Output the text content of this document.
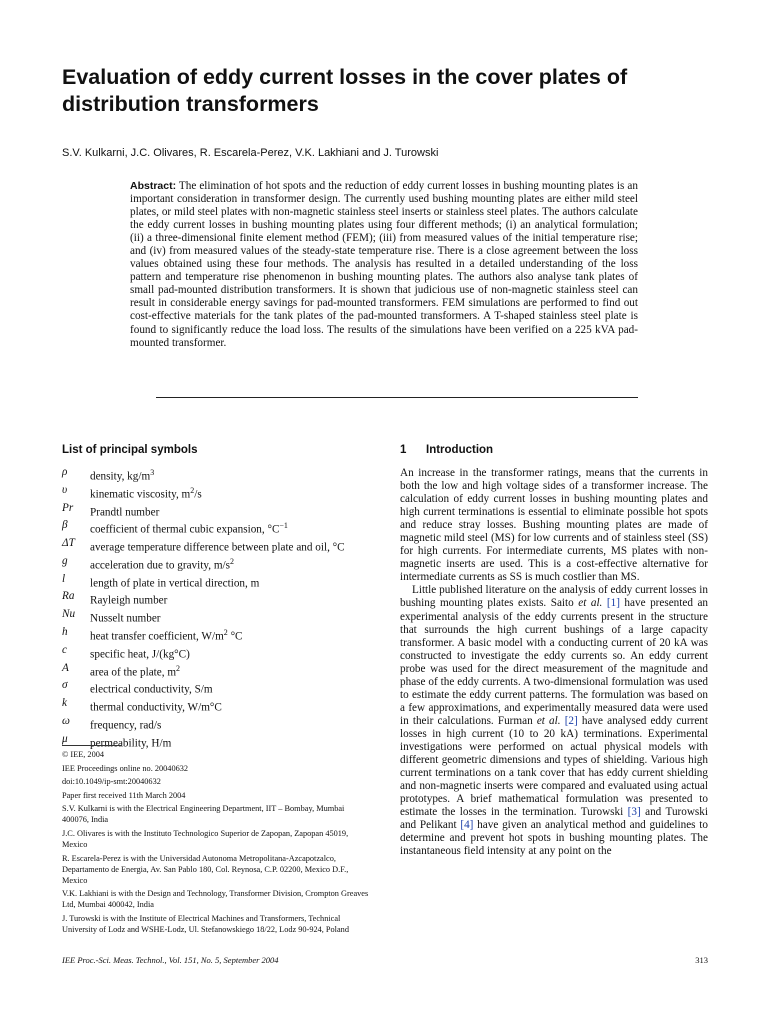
Evaluation of eddy current losses in the cover plates of distribution transformers
S.V. Kulkarni, J.C. Olivares, R. Escarela-Perez, V.K. Lakhiani and J. Turowski
Abstract: The elimination of hot spots and the reduction of eddy current losses in bushing mounting plates is an important consideration in transformer design. The currently used bushing mounting plates are either mild steel plates, or mild steel plates with non-magnetic stainless steel inserts or stainless steel plates. The authors calculate the eddy current losses in bushing mounting plates using four different methods; (i) an analytical formulation; (ii) a three-dimensional finite element method (FEM); (iii) from measured values of the initial temperature rise; and (iv) from measured values of the steady-state temperature rise. There is a close agreement between the loss values obtained using these four methods. The analysis has resulted in a detailed understanding of the loss pattern and temperature rise phenomenon in bushing mounting plates. The authors also analyse tank plates of small pad-mounted distribution transformers. It is shown that judicious use of non-magnetic stainless steel can result in considerable energy savings for pad-mounted transformers. FEM simulations are performed to find out cost-effective materials for the tank plates of the pad-mounted transformers. A T-shaped stainless steel plate is found to significantly reduce the load loss. The results of the simulations have been verified on a 225 kVA pad-mounted transformer.
List of principal symbols	1 Introduction
ρ	density, $kg/m^3$
υ	kinematic viscosity, $m^2/s$
Pr	Prandtl number
β	coefficient of thermal cubic expansion, $^\circ C^{-1}$
ΔT	average temperature difference between plate and oil, °C
g	acceleration due to gravity, $m/s^2$
l	length of plate in vertical direction, m
Ra	Rayleigh number
Nu	Nusselt number
h	heat transfer coefficient, $W/m^2$ °C
c	specific heat, J/(kg°C)
A	area of the plate, $m^2$
σ	electrical conductivity, S/m
k	thermal conductivity, W/m°C
ω	frequency, rad/s
μ	permeability, H/m
© IEE, 2004
IEE Proceedings online no. 20040632
doi:10.1049/ip-smt:20040632
Paper first received 11th March 2004
S.V. Kulkarni is with the Electrical Engineering Department, IIT – Bombay, Mumbai 400076, India
J.C. Olivares is with the Instituto Technologico Superior de Zapopan, Zapopan 45019, Mexico
R. Escarela-Perez is with the Universidad Autonoma Metropolitana-Azcapotzalco, Departamento de Energia, Av. San Pablo 180, Col. Reynosa, C.P. 02200, Mexico D.F., Mexico
V.K. Lakhiani is with the Design and Technology, Transformer Division, Crompton Greaves Ltd, Mumbai 400042, India
J. Turowski is with the Institute of Electrical Machines and Transformers, Technical University of Lodz and WSHE-Lodz, Ul. Stefanowskiego 18/22, Lodz 90-924, Poland

An increase in the transformer ratings, means that the currents in both the low and high voltage sides of a transformer increase. The calculation of eddy current losses in bushing mounting plates and high current terminations is essential to eliminate possible hot spots and reduce stray losses. Bushing mounting plates are made of magnetic mild steel (MS) for low currents and of stainless steel (SS) for high currents. For intermediate currents, MS plates with non-magnetic inserts are used. This is a cost-effective alternative for intermediate currents as SS is much costlier than MS.

Little published literature on the analysis of eddy current losses in bushing mounting plates exists. Saito et al. [1] have presented an experimental analysis of the eddy currents present in the structure that surrounds the high current bushings of a large capacity transformer. A basic model with a conducting current of 20 kA was constructed to investigate the eddy currents so. An eddy current probe was used for the direct measurement of the magnitude and phase of the eddy currents. A two-dimensional formulation was used to estimate the eddy current patterns. The formulation was based on a few approximations, and experimentally measured data were used in their calculations. Furman et al. [2] have analysed eddy current losses in high current (10 to 20 kA) terminations. Experimental investigations were performed on actual physical models with different geometric dimensions and types of shielding. Various high current terminations on a tank cover that has eddy current shielding and non-magnetic inserts were compared and evaluated using actual prototypes. A brief mathematical formulation was presented to estimate the losses in the termination. Turowski [3] and Turowski and Pelikant [4] have given an analytical method and guidelines to determine and prevent hot spots in bushing mounting plates. The instantaneous field intensity at any point on the

IEE Proc.-Sci. Meas. Technol., Vol. 151, No. 5, September 2004	313
